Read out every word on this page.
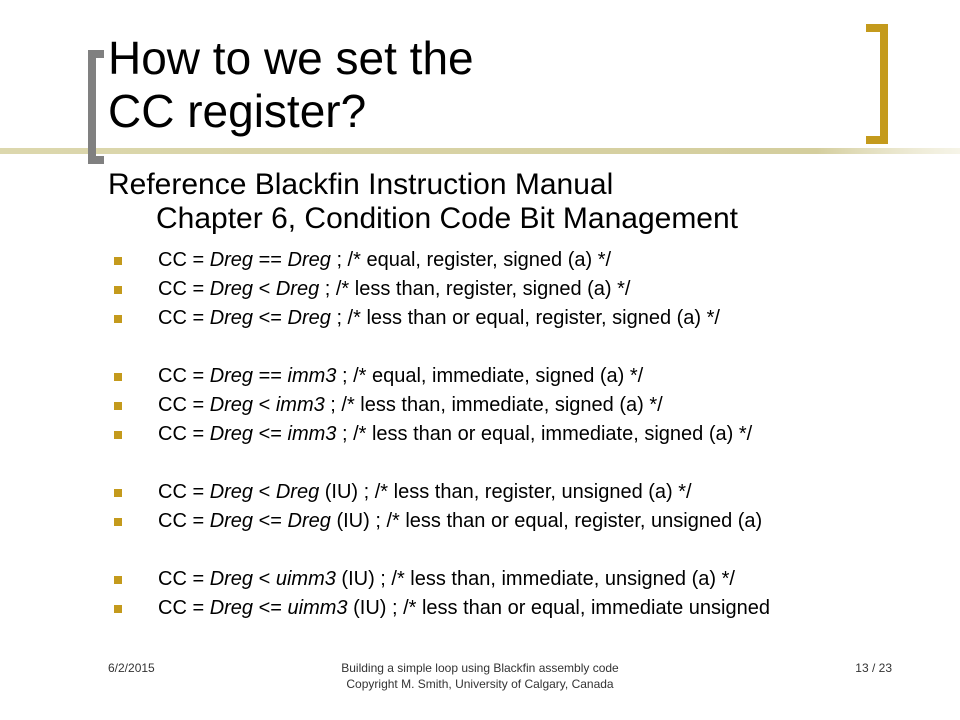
How to we set the
CC register?
Reference Blackfin Instruction Manual
Chapter 6, Condition Code Bit Management
CC = Dreg == Dreg ; /* equal, register, signed (a) */
CC = Dreg < Dreg ; /* less than, register, signed (a) */
CC = Dreg <= Dreg ; /* less than or equal, register, signed (a) */
CC = Dreg == imm3 ; /* equal, immediate, signed (a) */
CC = Dreg < imm3 ; /* less than, immediate, signed (a) */
CC = Dreg <= imm3 ; /* less than or equal, immediate, signed (a) */
CC = Dreg < Dreg (IU) ; /* less than, register, unsigned (a) */
CC = Dreg <= Dreg (IU) ; /* less than or equal, register, unsigned (a)
CC = Dreg < uimm3 (IU) ; /* less than, immediate, unsigned (a) */
CC = Dreg <= uimm3 (IU) ; /* less than or equal, immediate unsigned
6/2/2015	Building a simple loop using Blackfin assembly code
Copyright M. Smith, University of Calgary, Canada
13 / 23
